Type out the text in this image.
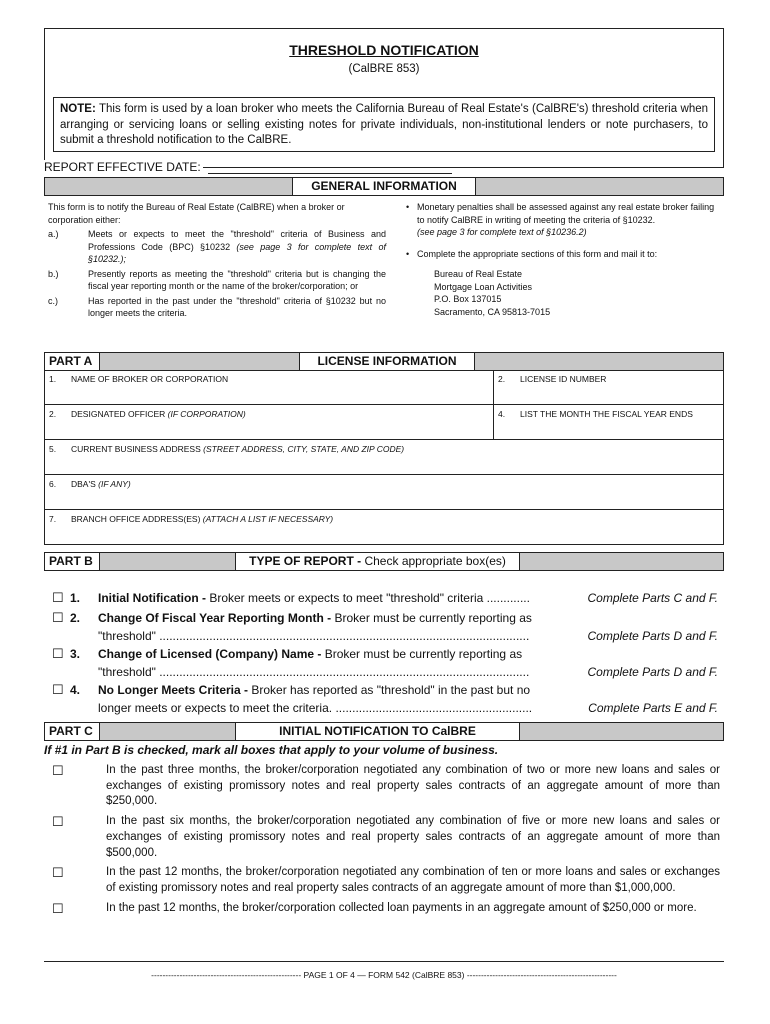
THRESHOLD NOTIFICATION
(CalBRE 853)
NOTE: This form is used by a loan broker who meets the California Bureau of Real Estate's (CalBRE's) threshold criteria when arranging or servicing loans or selling existing notes for private individuals, non-institutional lenders or note purchasers, to submit a threshold notification to the CalBRE.
REPORT EFFECTIVE DATE:
GENERAL INFORMATION
This form is to notify the Bureau of Real Estate (CalBRE) when a broker or corporation either:
a.)	Meets or expects to meet the "threshold" criteria of Business and Professions Code (BPC) §10232 (see page 3 for complete text of §10232.);
b.)	Presently reports as meeting the "threshold" criteria but is changing the fiscal year reporting month or the name of the broker/corporation; or
c.)	Has reported in the past under the "threshold" criteria of §10232 but no longer meets the criteria.
• Monetary penalties shall be assessed against any real estate broker failing to notify CalBRE in writing of meeting the criteria of §10232.
(see page 3 for complete text of §10236.2)
• Complete the appropriate sections of this form and mail it to:
Bureau of Real Estate
Mortgage Loan Activities
P.O. Box 137015
Sacramento, CA 95813-7015
PART A	LICENSE INFORMATION
1. NAME OF BROKER OR CORPORATION	2. LICENSE ID NUMBER
2. DESIGNATED OFFICER (IF CORPORATION)	4. LIST THE MONTH THE FISCAL YEAR ENDS
5. CURRENT BUSINESS ADDRESS (STREET ADDRESS, CITY, STATE, AND ZIP CODE)
6. DBA'S (IF ANY)
7. BRANCH OFFICE ADDRESS(ES) (ATTACH A LIST IF NECESSARY)
PART B	TYPE OF REPORT - Check appropriate box(es)
☐ 1. Initial Notification - Broker meets or expects to meet "threshold" criteria .............	Complete Parts C and F.
☐ 2. Change Of Fiscal Year Reporting Month - Broker must be currently reporting as "threshold" ...............................................................................................................	Complete Parts D and F.
☐ 3. Change of Licensed (Company) Name - Broker must be currently reporting as "threshold" ...............................................................................................................	Complete Parts D and F.
☐ 4. No Longer Meets Criteria - Broker has reported as "threshold" in the past but no longer meets or expects to meet the criteria. ...........................................................	Complete Parts E and F.
PART C	INITIAL NOTIFICATION TO CalBRE
If #1 in Part B is checked, mark all boxes that apply to your volume of business.
☐	In the past three months, the broker/corporation negotiated any combination of two or more new loans and sales or exchanges of existing promissory notes and real property sales contracts of an aggregate amount of more than $250,000.
☐	In the past six months, the broker/corporation negotiated any combination of five or more new loans and sales or exchanges of existing promissory notes and real property sales contracts of an aggregate amount of more than $500,000.
☐	In the past 12 months, the broker/corporation negotiated any combination of ten or more loans and sales or exchanges of existing promissory notes and real property sales contracts of an aggregate amount of more than $1,000,000.
☐	In the past 12 months, the broker/corporation collected loan payments in an aggregate amount of $250,000 or more.
----------------------------------------------------- PAGE 1 OF 4 — FORM 542 (CalBRE 853) -----------------------------------------------------
